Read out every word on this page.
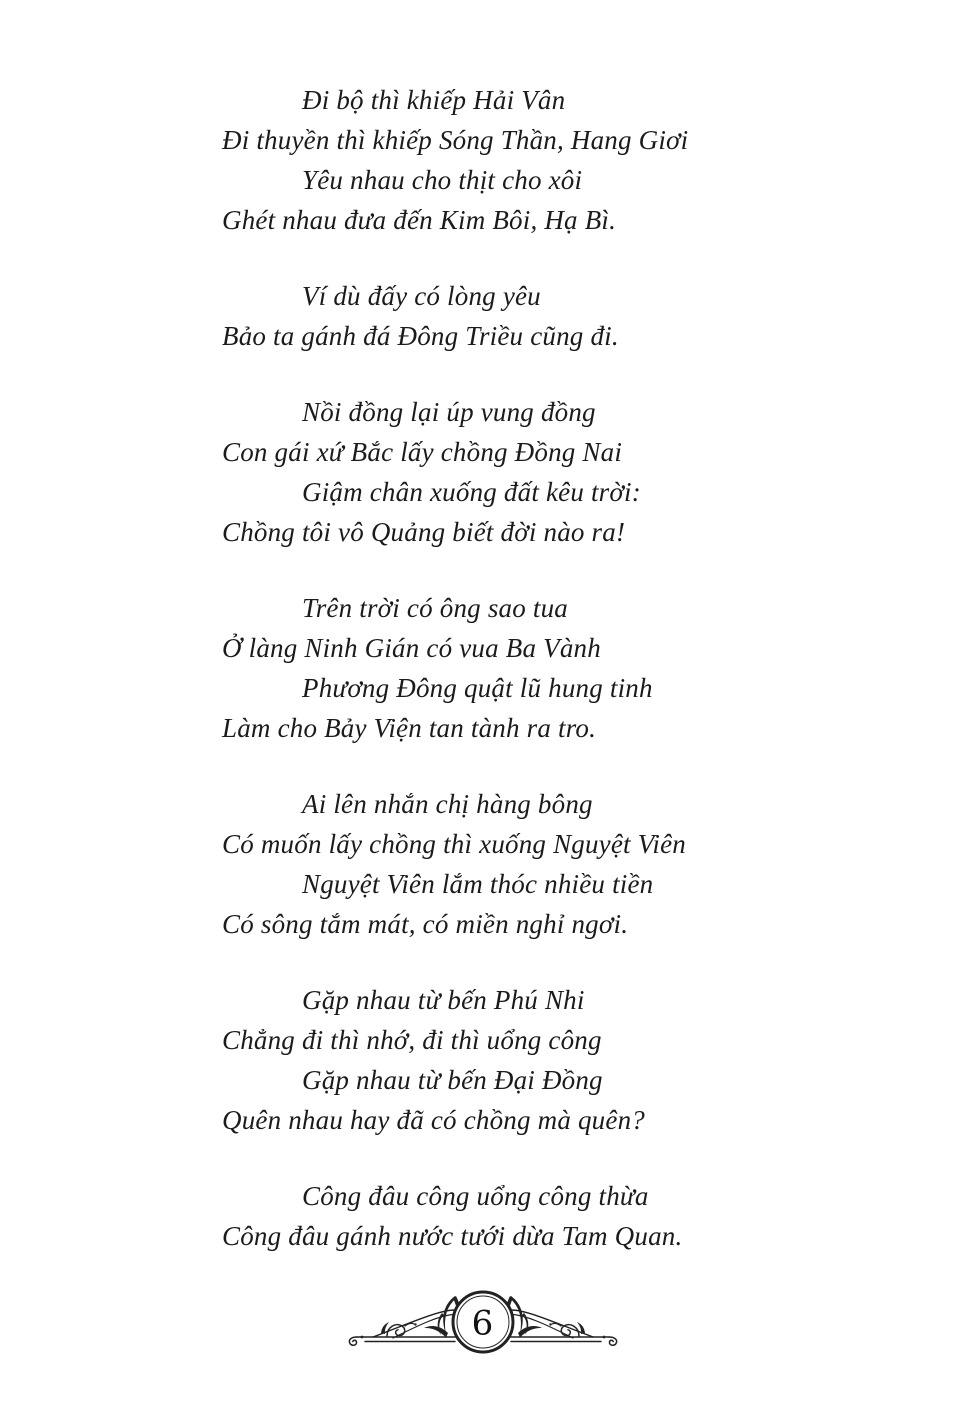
Đi bộ thì khiếp Hải Vân
Đi thuyền thì khiếp Sóng Thần, Hang Giơi
Yêu nhau cho thịt cho xôi
Ghét nhau đưa đến Kim Bôi, Hạ Bì.
Ví dù đấy có lòng yêu
Bảo ta gánh đá Đông Triều cũng đi.
Nồi đồng lại úp vung đồng
Con gái xứ Bắc lấy chồng Đồng Nai
Giậm chân xuống đất kêu trời:
Chồng tôi vô Quảng biết đời nào ra!
Trên trời có ông sao tua
Ở làng Ninh Gián có vua Ba Vành
Phương Đông quật lũ hung tinh
Làm cho Bảy Viện tan tành ra tro.
Ai lên nhắn chị hàng bông
Có muốn lấy chồng thì xuống Nguyệt Viên
Nguyệt Viên lắm thóc nhiều tiền
Có sông tắm mát, có miền nghỉ ngơi.
Gặp nhau từ bến Phú Nhi
Chẳng đi thì nhớ, đi thì uổng công
Gặp nhau từ bến Đại Đồng
Quên nhau hay đã có chồng mà quên?
Công đâu công uổng công thừa
Công đâu gánh nước tưới dừa Tam Quan.
6
